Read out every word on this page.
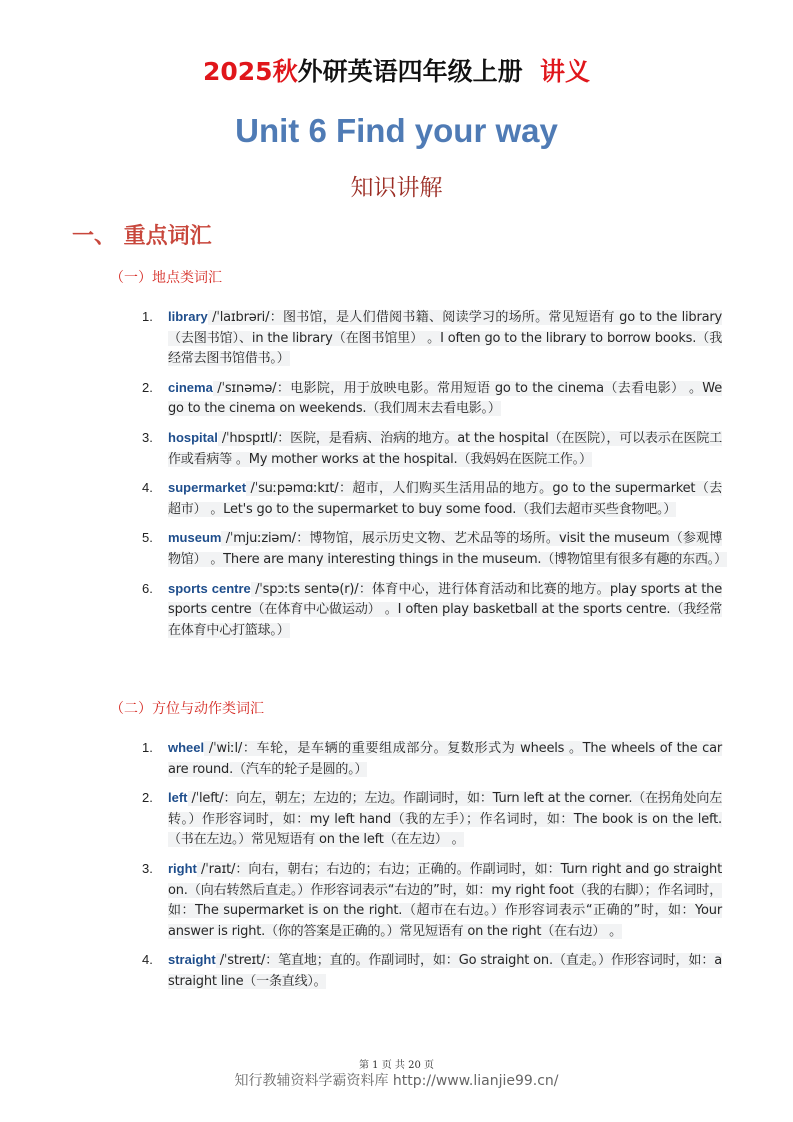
2025秋外研英语四年级上册 讲义
Unit 6 Find your way
知识讲解
一、 重点词汇
（一）地点类词汇
1.	library /ˈlaɪbrəri/：图书馆，是人们借阅书籍、阅读学习的场所。常见短语有 go to the library（去图书馆）、in the library（在图书馆里） 。I often go to the library to borrow books.（我经常去图书馆借书。）
2.	cinema /ˈsɪnəmə/：电影院，用于放映电影。常用短语 go to the cinema（去看电影） 。We go to the cinema on weekends.（我们周末去看电影。）
3.	hospital /ˈhɒspɪtl/：医院，是看病、治病的地方。at the hospital（在医院），可以表示在医院工作或看病等 。My mother works at the hospital.（我妈妈在医院工作。）
4.	supermarket /ˈsuːpəmɑːkɪt/：超市，人们购买生活用品的地方。go to the supermarket（去超市） 。Let's go to the supermarket to buy some food.（我们去超市买些食物吧。）
5.	museum /ˈmjuːziəm/：博物馆，展示历史文物、艺术品等的场所。visit the museum（参观博物馆） 。There are many interesting things in the museum.（博物馆里有很多有趣的东西。）
6.	sports centre /ˈspɔːts sentə(r)/：体育中心，进行体育活动和比赛的地方。play sports at the sports centre（在体育中心做运动） 。I often play basketball at the sports centre.（我经常在体育中心打篮球。）
（二）方位与动作类词汇
1.	wheel /ˈwiːl/：车轮，是车辆的重要组成部分。复数形式为 wheels 。The wheels of the car are round.（汽车的轮子是圆的。）
2.	left /ˈleft/：向左，朝左；左边的；左边。作副词时，如：Turn left at the corner.（在拐角处向左转。）作形容词时，如：my left hand（我的左手）；作名词时，如：The book is on the left.（书在左边。）常见短语有 on the left（在左边） 。
3.	right /ˈraɪt/：向右，朝右；右边的；右边；正确的。作副词时，如：Turn right and go straight on.（向右转然后直走。）作形容词表示“右边的”时，如：my right foot（我的右脚）；作名词时，如：The supermarket is on the right.（超市在右边。）作形容词表示“正确的”时，如：Your answer is right.（你的答案是正确的。）常见短语有 on the right（在右边） 。
4.	straight /ˈstreɪt/：笔直地；直的。作副词时，如：Go straight on.（直走。）作形容词时，如：a straight line（一条直线）。
第 1 页 共 20 页
知行教辅资料学霸资料库 http://www.lianjie99.cn/
